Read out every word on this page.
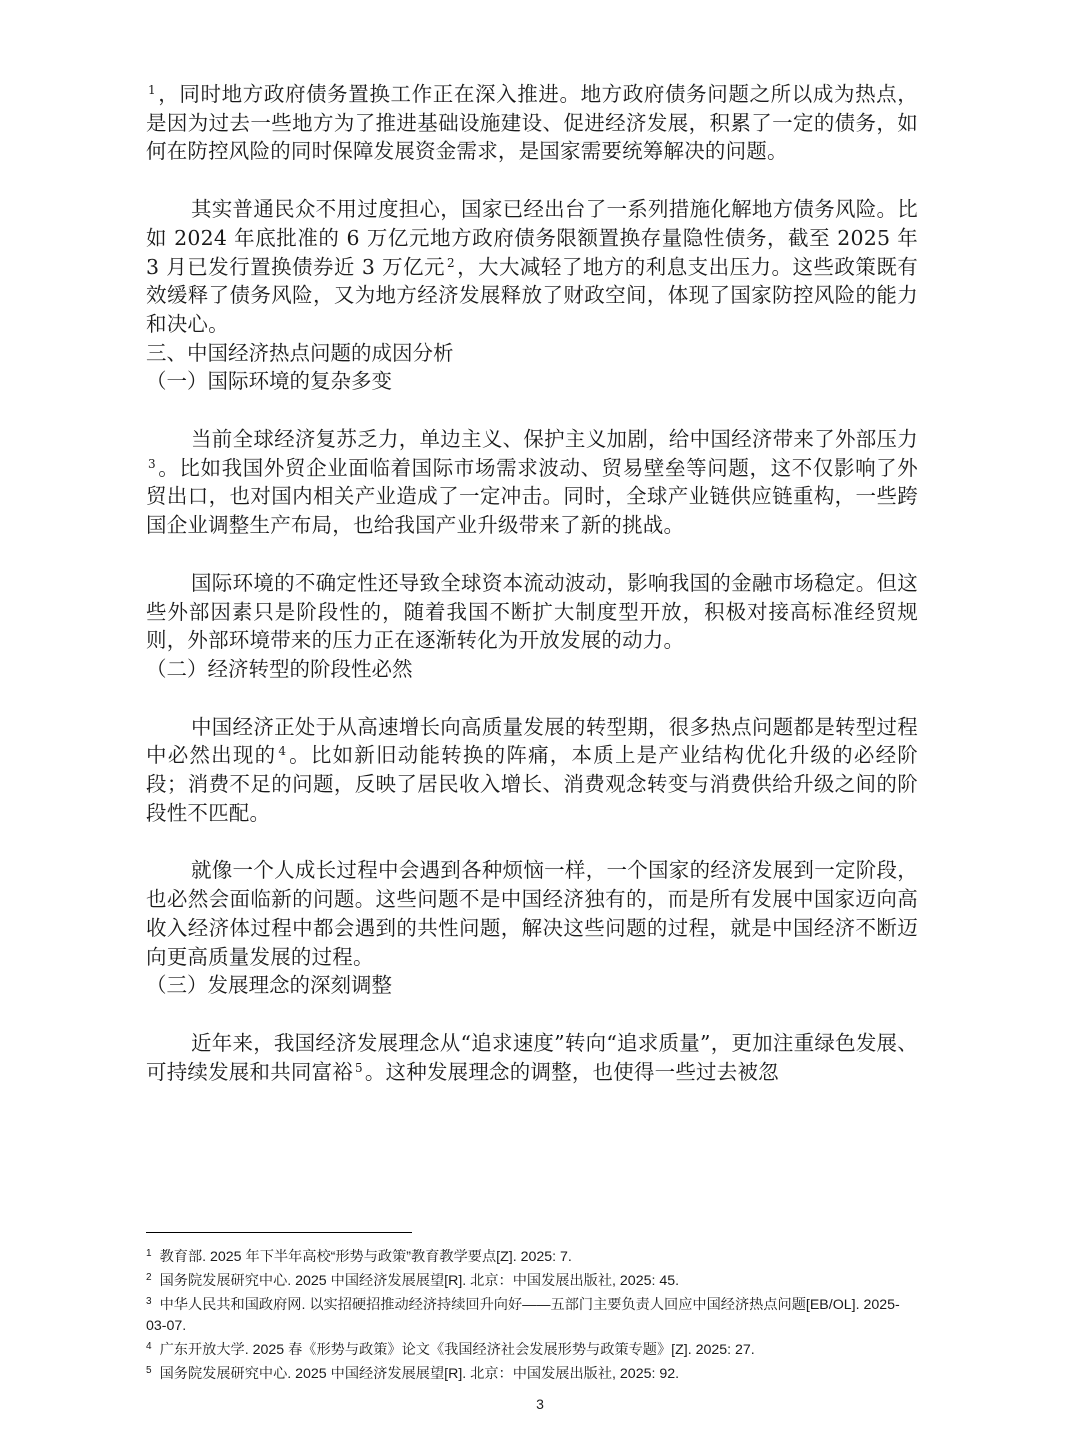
$^1$，同时地方政府债务置换工作正在深入推进。地方政府债务问题之所以成为热点，是因为过去一些地方为了推进基础设施建设、促进经济发展，积累了一定的债务，如何在防控风险的同时保障发展资金需求，是国家需要统筹解决的问题。

其实普通民众不用过度担心，国家已经出台了一系列措施化解地方债务风险。比如 2024 年底批准的 6 万亿元地方政府债务限额置换存量隐性债务，截至 2025 年 3 月已发行置换债券近 3 万亿元 $^2$，大大减轻了地方的利息支出压力。这些政策既有效缓释了债务风险，又为地方经济发展释放了财政空间，体现了国家防控风险的能力和决心。

三、中国经济热点问题的成因分析

（一）国际环境的复杂多变

当前全球经济复苏乏力，单边主义、保护主义加剧，给中国经济带来了外部压力$^3$。比如我国外贸企业面临着国际市场需求波动、贸易壁垒等问题，这不仅影响了外贸出口，也对国内相关产业造成了一定冲击。同时，全球产业链供应链重构，一些跨国企业调整生产布局，也给我国产业升级带来了新的挑战。

国际环境的不确定性还导致全球资本流动波动，影响我国的金融市场稳定。但这些外部因素只是阶段性的，随着我国不断扩大制度型开放，积极对接高标准经贸规则，外部环境带来的压力正在逐渐转化为开放发展的动力。

（二）经济转型的阶段性必然

中国经济正处于从高速增长向高质量发展的转型期，很多热点问题都是转型过程中必然出现的 $^4$。比如新旧动能转换的阵痛，本质上是产业结构优化升级的必经阶段；消费不足的问题，反映了居民收入增长、消费观念转变与消费供给升级之间的阶段性不匹配。

就像一个人成长过程中会遇到各种烦恼一样，一个国家的经济发展到一定阶段，也必然会面临新的问题。这些问题不是中国经济独有的，而是所有发展中国家迈向高收入经济体过程中都会遇到的共性问题，解决这些问题的过程，就是中国经济不断迈向更高质量发展的过程。

（三）发展理念的深刻调整

近年来，我国经济发展理念从“追求速度”转向“追求质量”，更加注重绿色发展、可持续发展和共同富裕 $^5$。这种发展理念的调整，也使得一些过去被忽

$^1$ 教育部. 2025 年下半年高校“形势与政策”教育教学要点[Z]. 2025: 7.

$^2$ 国务院发展研究中心. 2025 中国经济发展展望[R]. 北京：中国发展出版社, 2025: 45.

$^3$ 中华人民共和国政府网. 以实招硬招推动经济持续回升向好——五部门主要负责人回应中国经济热点问题[EB/OL]. 2025-03-07.

$^4$ 广东开放大学. 2025 春《形势与政策》论文《我国经济社会发展形势与政策专题》[Z]. 2025: 27.

$^5$ 国务院发展研究中心. 2025 中国经济发展展望[R]. 北京：中国发展出版社, 2025: 92.

3
